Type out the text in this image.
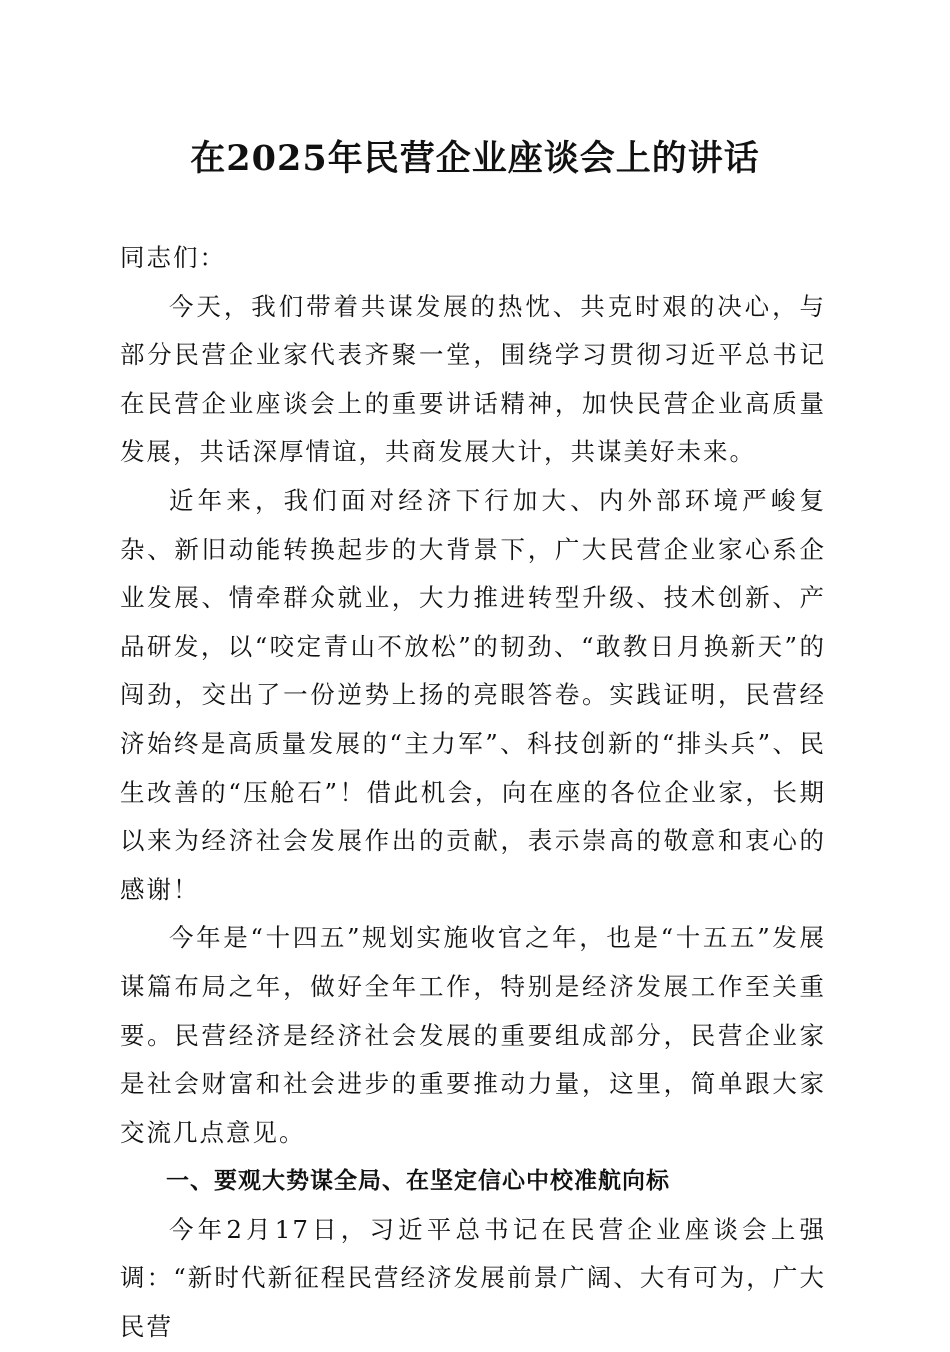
在2025年民营企业座谈会上的讲话

同志们：

今天，我们带着共谋发展的热忱、共克时艰的决心，与部分民营企业家代表齐聚一堂，围绕学习贯彻习近平总书记在民营企业座谈会上的重要讲话精神，加快民营企业高质量发展，共话深厚情谊，共商发展大计，共谋美好未来。

近年来，我们面对经济下行加大、内外部环境严峻复杂、新旧动能转换起步的大背景下，广大民营企业家心系企业发展、情牵群众就业，大力推进转型升级、技术创新、产品研发，以“咬定青山不放松”的韧劲、“敢教日月换新天”的闯劲，交出了一份逆势上扬的亮眼答卷。实践证明，民营经济始终是高质量发展的“主力军”、科技创新的“排头兵”、民生改善的“压舱石”！借此机会，向在座的各位企业家，长期以来为经济社会发展作出的贡献，表示崇高的敬意和衷心的感谢！

今年是“十四五”规划实施收官之年，也是“十五五”发展谋篇布局之年，做好全年工作，特别是经济发展工作至关重要。民营经济是经济社会发展的重要组成部分，民营企业家是社会财富和社会进步的重要推动力量，这里，简单跟大家交流几点意见。

一、要观大势谋全局、在坚定信心中校准航向标

今年2月17日，习近平总书记在民营企业座谈会上强调：“新时代新征程民营经济发展前景广阔、大有可为，广大民营
